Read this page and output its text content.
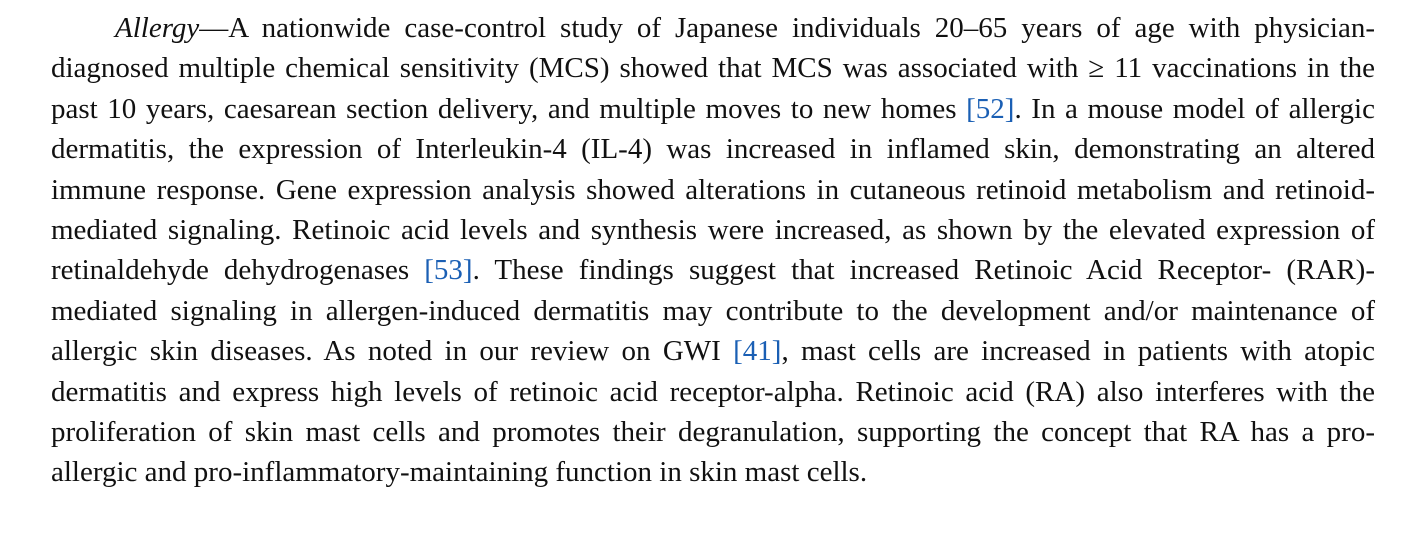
Allergy—A nationwide case-control study of Japanese individuals 20–65 years of age with physician-diagnosed multiple chemical sensitivity (MCS) showed that MCS was associated with ≥ 11 vaccinations in the past 10 years, caesarean section delivery, and multiple moves to new homes [52]. In a mouse model of allergic dermatitis, the expression of Interleukin-4 (IL-4) was increased in inflamed skin, demonstrating an altered immune response. Gene expression analysis showed alterations in cutaneous retinoid metabolism and retinoid-mediated signaling. Retinoic acid levels and synthesis were increased, as shown by the elevated expression of retinaldehyde dehydrogenases [53]. These findings suggest that increased Retinoic Acid Receptor- (RAR)-mediated signaling in allergen-induced dermatitis may contribute to the development and/or maintenance of allergic skin diseases. As noted in our review on GWI [41], mast cells are increased in patients with atopic dermatitis and express high levels of retinoic acid receptor-alpha. Retinoic acid (RA) also interferes with the proliferation of skin mast cells and promotes their degranulation, supporting the concept that RA has a pro-allergic and pro-inflammatory-maintaining function in skin mast cells.
